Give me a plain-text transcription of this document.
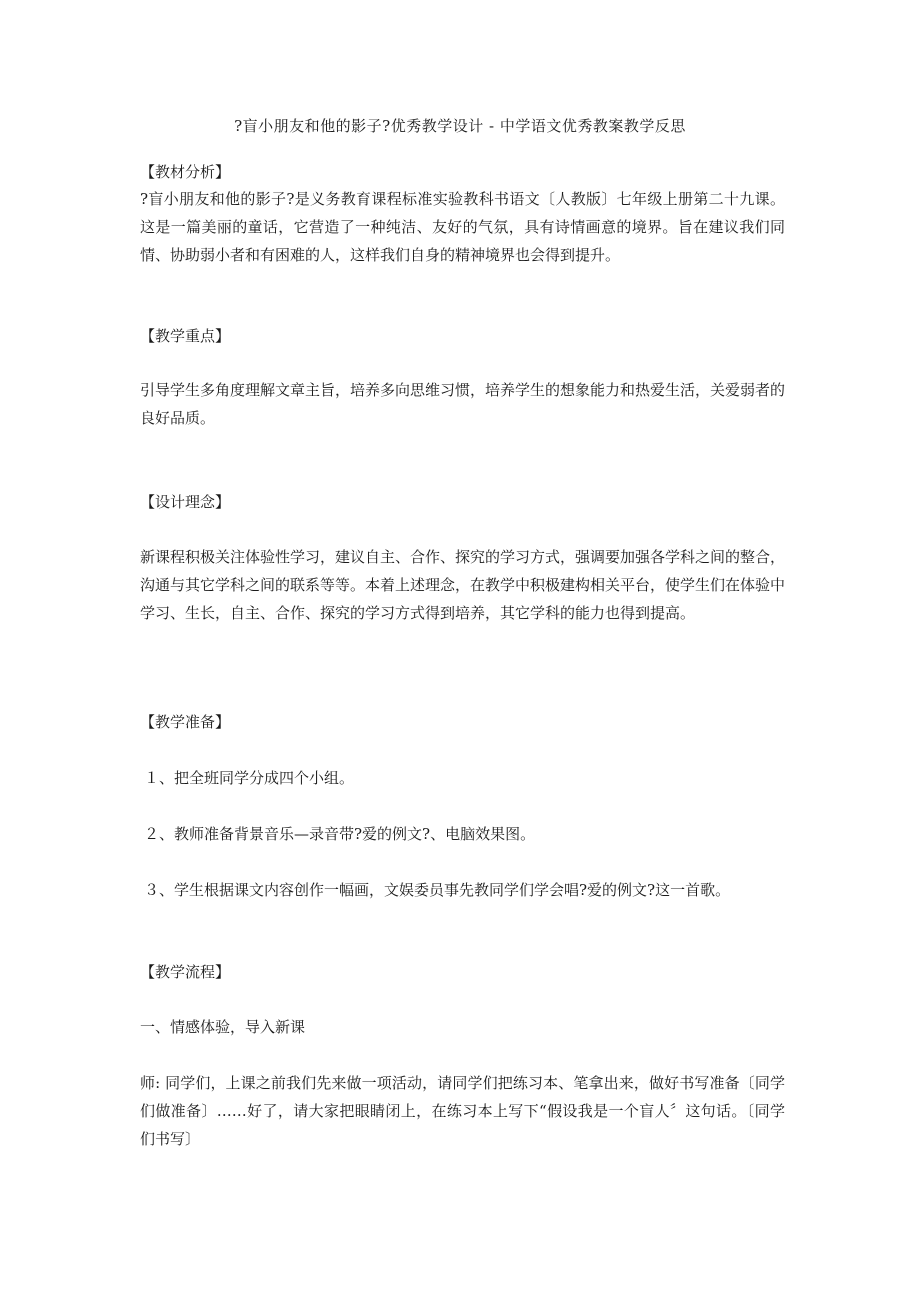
?盲小朋友和他的影子?优秀教学设计 - 中学语文优秀教案教学反思
【教材分析】
?盲小朋友和他的影子?是义务教育课程标准实验教科书语文〔人教版〕七年级上册第二十九课。这是一篇美丽的童话，它营造了一种纯洁、友好的气氛，具有诗情画意的境界。旨在建议我们同情、协助弱小者和有困难的人，这样我们自身的精神境界也会得到提升。
【教学重点】
引导学生多角度理解文章主旨，培养多向思维习惯，培养学生的想象能力和热爱生活，关爱弱者的良好品质。
【设计理念】
新课程积极关注体验性学习，建议自主、合作、探究的学习方式，强调要加强各学科之间的整合，沟通与其它学科之间的联系等等。本着上述理念，在教学中积极建构相关平台，使学生们在体验中学习、生长，自主、合作、探究的学习方式得到培养，其它学科的能力也得到提高。
【教学准备】
１、把全班同学分成四个小组。
２、教师准备背景音乐—录音带?爱的例文?、电脑效果图。
３、学生根据课文内容创作一幅画，文娱委员事先教同学们学会唱?爱的例文?这一首歌。
【教学流程】
一、情感体验，导入新课
师: 同学们，上课之前我们先来做一项活动，请同学们把练习本、笔拿出来，做好书写准备〔同学们做准备〕……好了，请大家把眼睛闭上，在练习本上写下“假设我是一个盲人〞这句话。〔同学们书写〕
